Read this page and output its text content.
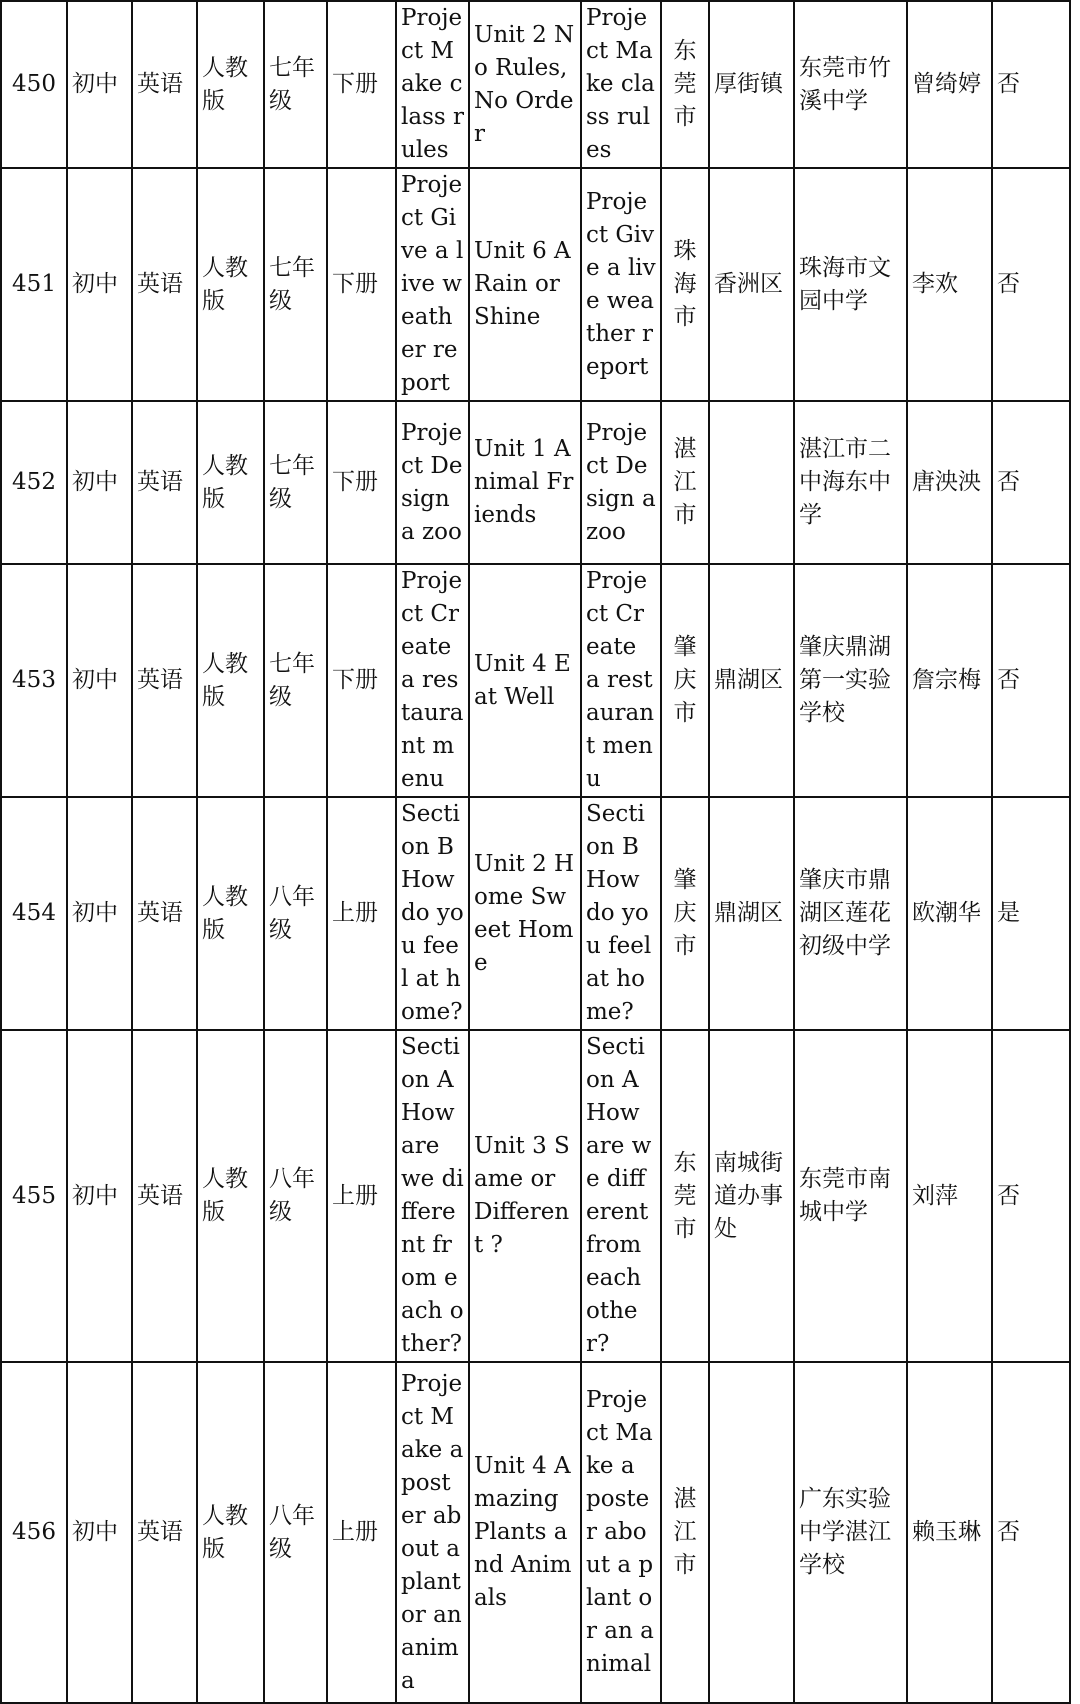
450	初中	英语	人教版	七年级	下册	Project Make class rules	Unit 2 No Rules, No Order	Project Make class rules	东莞市	厚街镇	东莞市竹溪中学	曾绮婷	否
451	初中	英语	人教版	七年级	下册	Project Give a live weather report	Unit 6 A Rain or Shine	Project Give a live weather report	珠海市	香洲区	珠海市文园中学	李欢	否
452	初中	英语	人教版	七年级	下册	Project Design a zoo	Unit 1 Animal Friends	Project Design a zoo	湛江市		湛江市二中海东中学	唐泱泱	否
453	初中	英语	人教版	七年级	下册	Project Create a restaurant menu	Unit 4 Eat Well	Project Create a restaurant menu	肇庆市	鼎湖区	肇庆鼎湖第一实验学校	詹宗梅	否
454	初中	英语	人教版	八年级	上册	Section B How do you feel at home?	Unit 2 Home Sweet Home	Section B How do you feel at home?	肇庆市	鼎湖区	肇庆市鼎湖区莲花初级中学	欧潮华	是
455	初中	英语	人教版	八年级	上册	Section A How are we different from each other?	Unit 3 Same or Different ?	Section A How are we different from each other?	东莞市	南城街道办事处	东莞市南城中学	刘萍	否
456	初中	英语	人教版	八年级	上册	Project Make a poster about a plant or an anima	Unit 4 Amazing Plants and Animals	Project Make a poster about a plant or an animal	湛江市		广东实验中学湛江学校	赖玉琳	否
